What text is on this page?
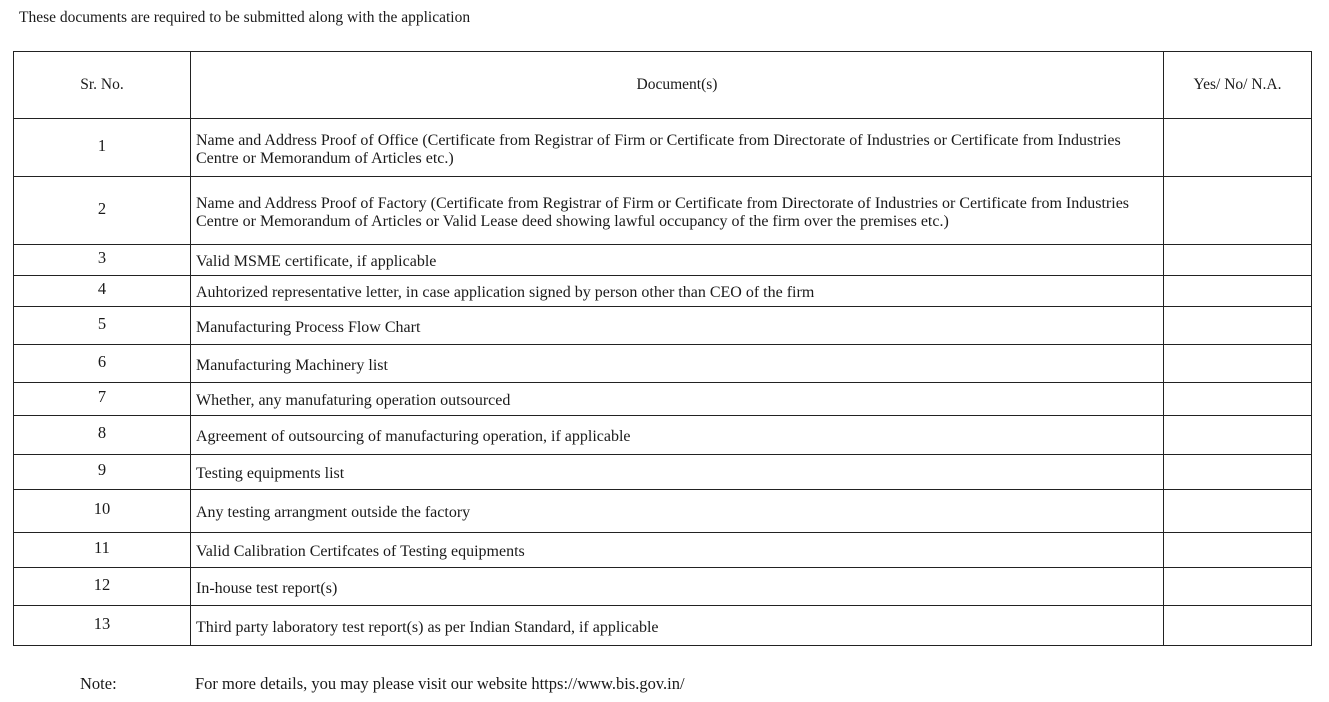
These documents are required to be submitted along with the application
Sr. No.	Document(s)	Yes/ No/ N.A.
1	Name and Address Proof of Office (Certificate from Registrar of Firm or Certificate from Directorate of Industries or Certificate from Industries Centre or Memorandum of Articles etc.)	

2	Name and Address Proof of Factory (Certificate from Registrar of Firm or Certificate from Directorate of Industries or Certificate from Industries Centre or Memorandum of Articles or Valid Lease deed showing lawful occupancy of the firm over the premises etc.)	

3	Valid MSME certificate, if applicable	

4	Auhtorized representative letter, in case application signed by person other than CEO of the firm	

5	Manufacturing Process Flow Chart	

6	Manufacturing Machinery list	

7	Whether, any manufaturing operation outsourced	

8	Agreement of outsourcing of manufacturing operation, if applicable	

9	Testing equipments list	

10	Any testing arrangment outside the factory	

11	Valid Calibration Certifcates of Testing equipments	

12	In-house test report(s)	

13	Third party laboratory test report(s) as per Indian Standard, if applicable	

Note:	For more details, you may please visit our website https://www.bis.gov.in/
